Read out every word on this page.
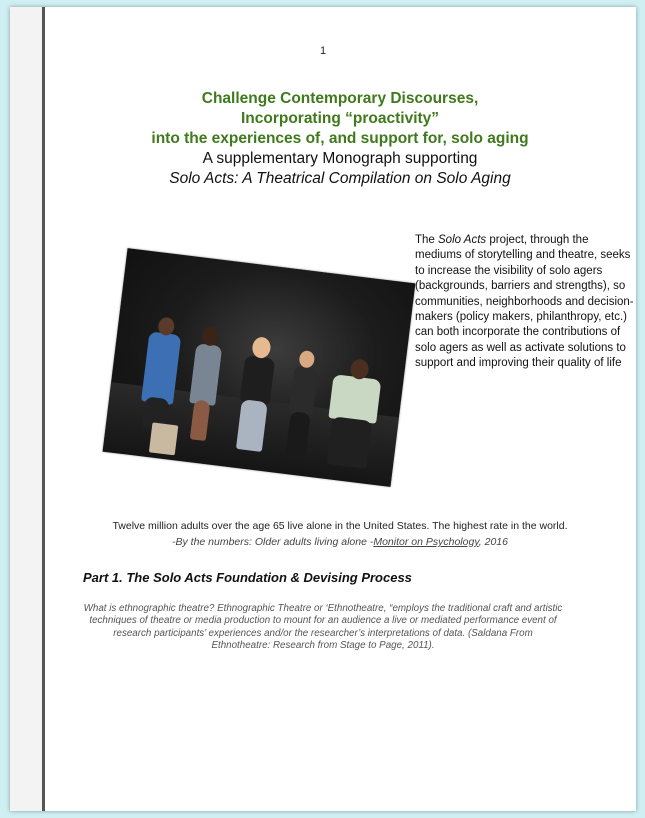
1
Challenge Contemporary Discourses,
Incorporating “proactivity”
into the experiences of, and support for, solo aging
A supplementary Monograph supporting
Solo Acts: A Theatrical Compilation on Solo Aging
The Solo Acts project, through the mediums of storytelling and theatre, seeks to increase the visibility of solo agers (backgrounds, barriers and strengths), so communities, neighborhoods and decision-makers (policy makers, philanthropy, etc.) can both incorporate the contributions of solo agers as well as activate solutions to support and improving their quality of life
Twelve million adults over the age 65 live alone in the United States. The highest rate in the world.
-By the numbers: Older adults living alone -Monitor on Psychology, 2016
Part 1. The Solo Acts Foundation & Devising Process
What is ethnographic theatre? Ethnographic Theatre or ‘Ethnotheatre, “employs the traditional craft and artistic techniques of theatre or media production to mount for an audience a live or mediated performance event of research participants’ experiences and/or the researcher’s interpretations of data. (Saldana From Ethnotheatre: Research from Stage to Page, 2011).
